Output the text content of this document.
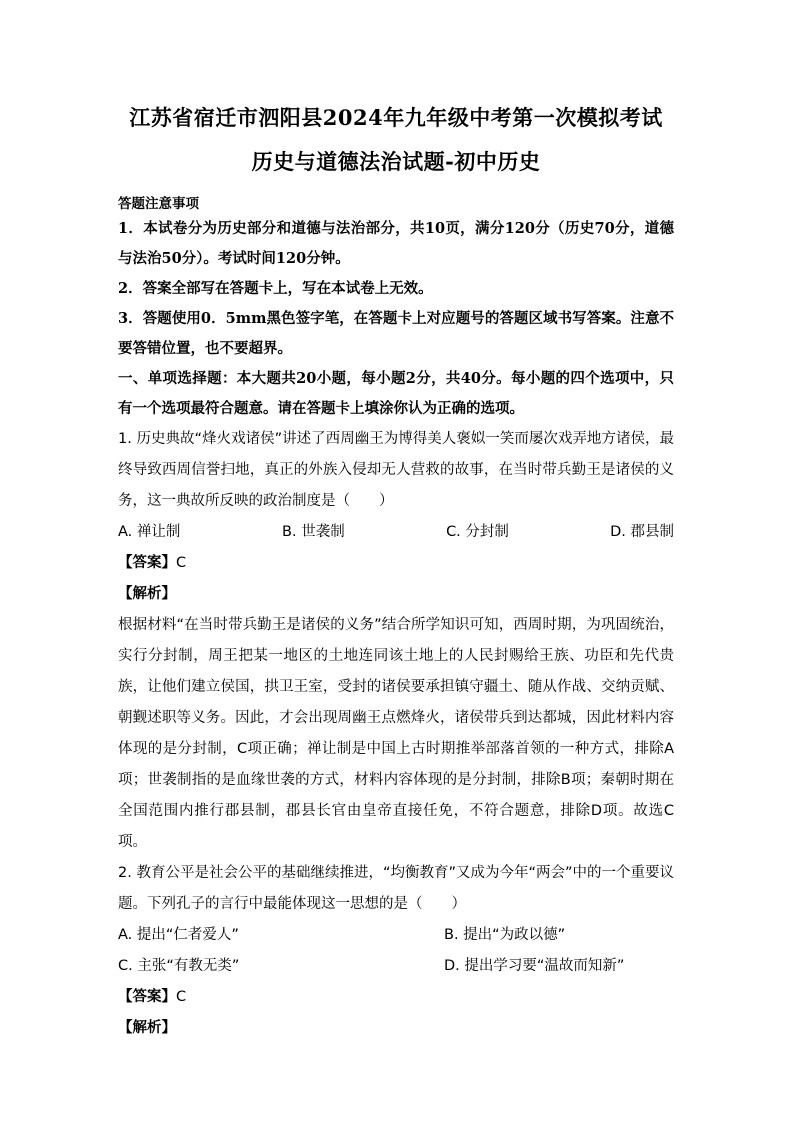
江苏省宿迁市泗阳县2024年九年级中考第一次模拟考试
历史与道德法治试题-初中历史
答题注意事项

1．本试卷分为历史部分和道德与法治部分，共10页，满分120分（历史70分，道德与法治50分）。考试时间120分钟。

2．答案全部写在答题卡上，写在本试卷上无效。

3．答题使用0．5mm黑色签字笔，在答题卡上对应题号的答题区域书写答案。注意不要答错位置，也不要超界。

一、单项选择题：本大题共20小题，每小题2分，共40分。每小题的四个选项中，只有一个选项最符合题意。请在答题卡上填涂你认为正确的选项。

1. 历史典故“烽火戏诸侯”讲述了西周幽王为博得美人褒姒一笑而屡次戏弄地方诸侯，最终导致西周信誉扫地，真正的外族入侵却无人营救的故事，在当时带兵勤王是诸侯的义务，这一典故所反映的政治制度是（　　）

A. 禅让制	B. 世袭制	C. 分封制	D. 郡县制
【答案】C
【解析】

根据材料“在当时带兵勤王是诸侯的义务”结合所学知识可知，西周时期，为巩固统治，实行分封制，周王把某一地区的土地连同该土地上的人民封赐给王族、功臣和先代贵族，让他们建立侯国，拱卫王室，受封的诸侯要承担镇守疆土、随从作战、交纳贡赋、朝觐述职等义务。因此，才会出现周幽王点燃烽火，诸侯带兵到达都城，因此材料内容体现的是分封制，C项正确；禅让制是中国上古时期推举部落首领的一种方式，排除A项；世袭制指的是血缘世袭的方式，材料内容体现的是分封制，排除B项；秦朝时期在全国范围内推行郡县制，郡县长官由皇帝直接任免，不符合题意，排除D项。故选C项。

2. 教育公平是社会公平的基础继续推进，“均衡教育”又成为今年“两会”中的一个重要议题。下列孔子的言行中最能体现这一思想的是（　　）

A. 提出“仁者爱人”	B. 提出“为政以德”
C. 主张“有教无类”	D. 提出学习要“温故而知新”
【答案】C
【解析】
